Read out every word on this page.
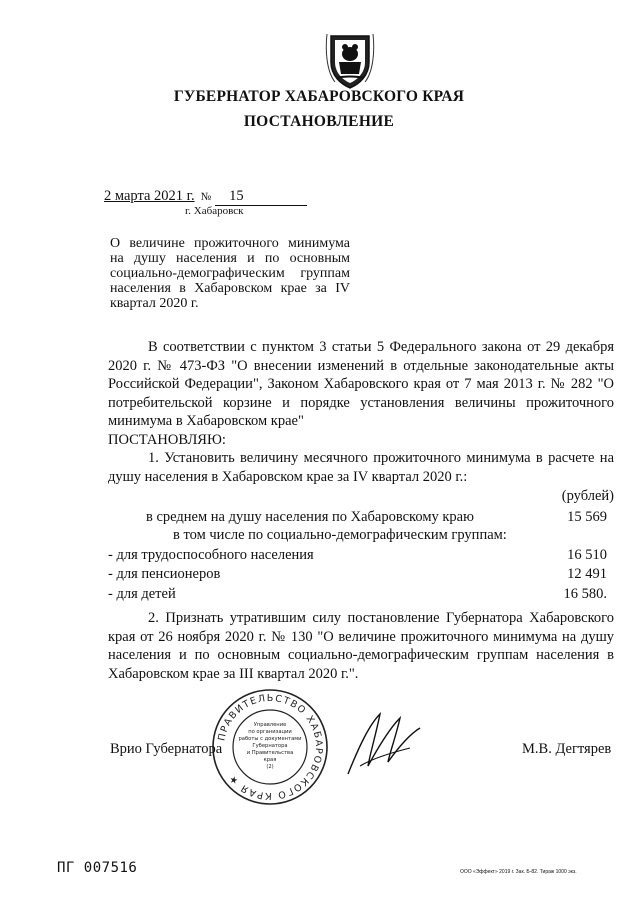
ГУБЕРНАТОР ХАБАРОВСКОГО КРАЯ
ПОСТАНОВЛЕНИЕ
2 марта 2021 г. № 15
г. Хабаровск
О величине прожиточного минимума на душу населения и по основным социально-демографическим группам населения в Хабаровском крае за IV квартал 2020 г.

В соответствии с пунктом 3 статьи 5 Федерального закона от 29 декабря 2020 г. № 473-ФЗ "О внесении изменений в отдельные законодательные акты Российской Федерации", Законом Хабаровского края от 7 мая 2013 г. № 282 "О потребительской корзине и порядке установления величины прожиточного минимума в Хабаровском крае"

ПОСТАНОВЛЯЮ:

1. Установить величину месячного прожиточного минимума в расчете на душу населения в Хабаровском крае за IV квартал 2020 г.:

(рублей)
в среднем на душу населения по Хабаровскому краю	15 569
в том числе по социально-демографическим группам:
- для трудоспособного населения	16 510
- для пенсионеров	12 491
- для детей	16 580.

2. Признать утратившим силу постановление Губернатора Хабаровского края от 26 ноября 2020 г. № 130 "О величине прожиточного минимума на душу населения и по основным социально-демографическим группам населения в Хабаровском крае за III квартал 2020 г.".

ПРАВИТЕЛЬСТВО ХАБАРОВСКОГО КРАЯ ★
Управление
по организации
работы с документами
Губернатора
и Правительства
края
(2)
Врио Губернатора	М.В. Дегтярев
ПГ 007516	ООО «Эффект» 2019 г. Зак. Б-82. Тираж 1000 экз.
